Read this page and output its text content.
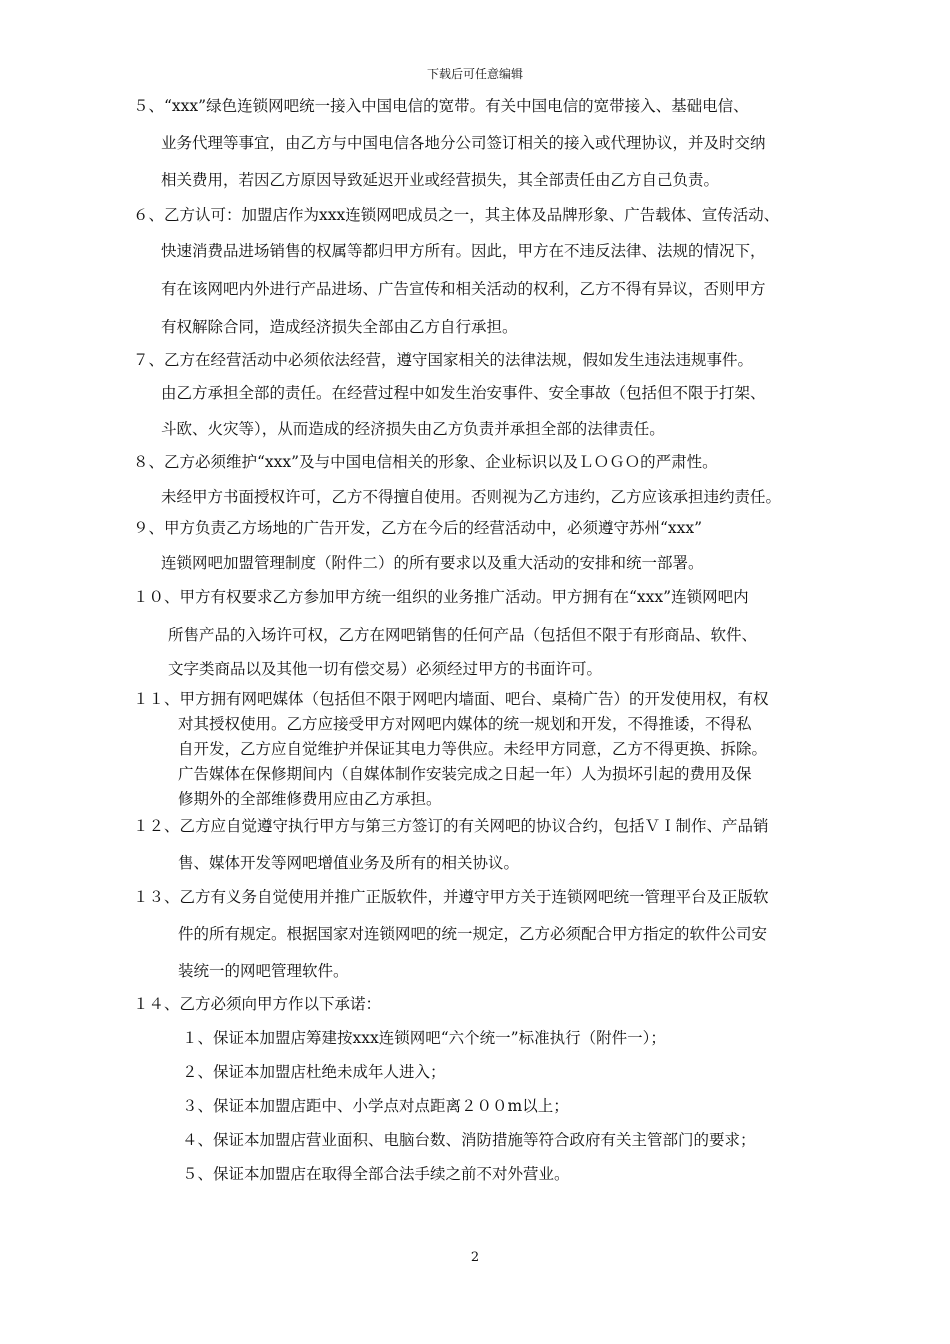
下载后可任意编辑
５、“xxx”绿色连锁网吧统一接入中国电信的宽带。有关中国电信的宽带接入、基础电信、
业务代理等事宜，由乙方与中国电信各地分公司签订相关的接入或代理协议，并及时交纳
相关费用，若因乙方原因导致延迟开业或经营损失，其全部责任由乙方自己负责。
６、乙方认可：加盟店作为xxx连锁网吧成员之一，其主体及品牌形象、广告载体、宣传活动、
快速消费品进场销售的权属等都归甲方所有。因此，甲方在不违反法律、法规的情况下，
有在该网吧内外进行产品进场、广告宣传和相关活动的权利，乙方不得有异议，否则甲方
有权解除合同，造成经济损失全部由乙方自行承担。
７、乙方在经营活动中必须依法经营，遵守国家相关的法律法规，假如发生违法违规事件。
由乙方承担全部的责任。在经营过程中如发生治安事件、安全事故（包括但不限于打架、
斗欧、火灾等），从而造成的经济损失由乙方负责并承担全部的法律责任。
８、乙方必须维护“xxx”及与中国电信相关的形象、企业标识以及ＬＯＧＯ的严肃性。
未经甲方书面授权许可，乙方不得擅自使用。否则视为乙方违约，乙方应该承担违约责任。
９、甲方负责乙方场地的广告开发，乙方在今后的经营活动中，必须遵守苏州“xxx”
连锁网吧加盟管理制度（附件二）的所有要求以及重大活动的安排和统一部署。
１０、甲方有权要求乙方参加甲方统一组织的业务推广活动。甲方拥有在“xxx”连锁网吧内
所售产品的入场许可权，乙方在网吧销售的任何产品（包括但不限于有形商品、软件、
文字类商品以及其他一切有偿交易）必须经过甲方的书面许可。
１１、甲方拥有网吧媒体（包括但不限于网吧内墙面、吧台、桌椅广告）的开发使用权，有权
对其授权使用。乙方应接受甲方对网吧内媒体的统一规划和开发，不得推诿，不得私
自开发，乙方应自觉维护并保证其电力等供应。未经甲方同意，乙方不得更换、拆除。
广告媒体在保修期间内（自媒体制作安装完成之日起一年）人为损坏引起的费用及保
修期外的全部维修费用应由乙方承担。
１２、乙方应自觉遵守执行甲方与第三方签订的有关网吧的协议合约，包括ＶＩ制作、产品销
售、媒体开发等网吧增值业务及所有的相关协议。
１３、乙方有义务自觉使用并推广正版软件，并遵守甲方关于连锁网吧统一管理平台及正版软
件的所有规定。根据国家对连锁网吧的统一规定，乙方必须配合甲方指定的软件公司安
装统一的网吧管理软件。
１４、乙方必须向甲方作以下承诺：
１、保证本加盟店筹建按xxx连锁网吧“六个统一”标准执行（附件一）；
２、保证本加盟店杜绝未成年人进入；
３、保证本加盟店距中、小学点对点距离２００m以上；
４、保证本加盟店营业面积、电脑台数、消防措施等符合政府有关主管部门的要求；
５、保证本加盟店在取得全部合法手续之前不对外营业。
2
